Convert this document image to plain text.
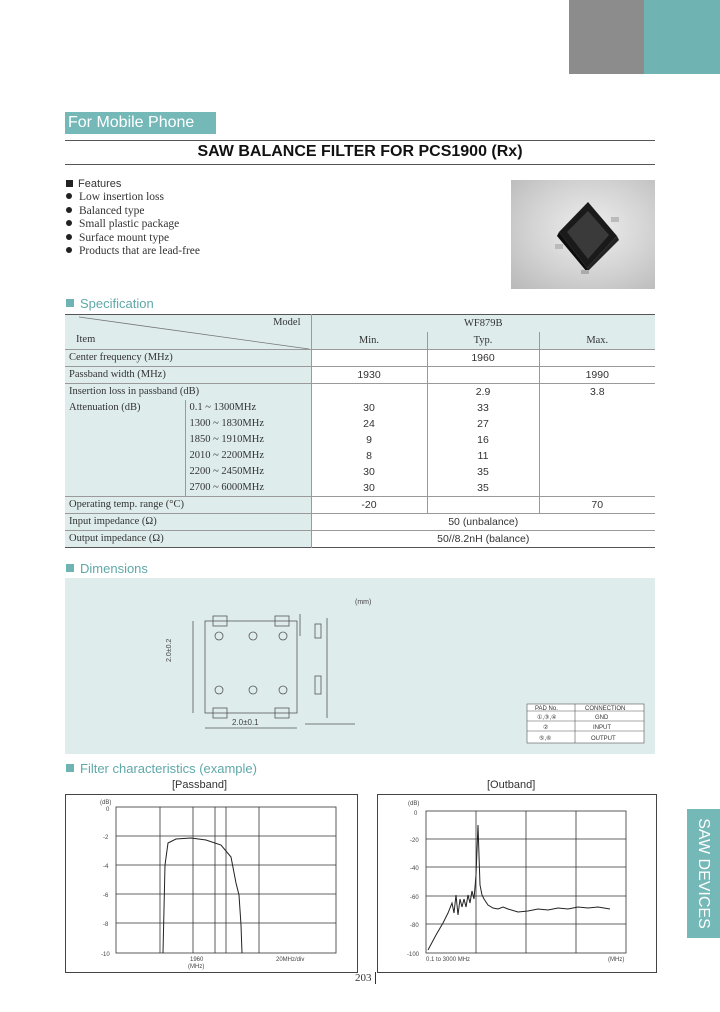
For Mobile Phone
SAW BALANCE FILTER FOR PCS1900 (Rx)
Features
Low insertion loss
Balanced type
Small plastic package
Surface mount type
Products that are lead-free
Specification
Model
Item		WF879B		
		Min.	Typ.	Max.
Center frequency (MHz)			1960	
Passband width (MHz)		1930		1990
Insertion loss in passband (dB)			2.9	3.8
Attenuation (dB)	0.1 ~ 1300MHz	30	33	
	1300 ~ 1830MHz	24	27	
	1850 ~ 1910MHz	9	16	
	2010 ~ 2200MHz	8	11	
	2200 ~ 2450MHz	30	35	
	2700 ~ 6000MHz	30	35	
Operating temp. range (°C)		-20		70
Input impedance (Ω)		50 (unbalance)		
Output impedance (Ω)		50//8.2nH (balance)		
Dimensions
(mm)
2.0±0.1
2.0±0.2
PAD No.	CONNECTION
①,③,④	GND
②	INPUT
⑤,⑥	OUTPUT
Filter characteristics (example)
[Passband]	[Outband]
(dB)
0
-2
-4
-6
-8
-10
1960
(MHz)
20MHz/div
(dB)
0
-20
-40
-60
-80
-100
0.1 to 3000 MHz	(MHz)
203
SAW DEVICES
